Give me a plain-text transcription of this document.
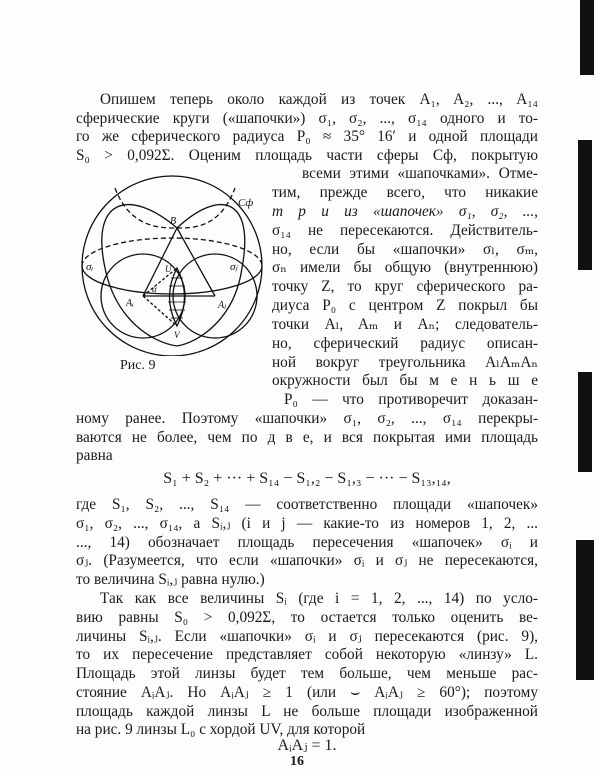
Опишем теперь около каждой из точек A₁, A₂, ..., A₁₄
сферические круги («шапочки») σ₁, σ₂, ..., σ₁₄ одного и то-
го же сферического радиуса P₀ ≈ 35° 16′ и одной площади
S₀ > 0,092Σ. Оценим площадь части сферы Сф, покрытую
всеми этими «шапочками». Отме-
тим, прежде всего, что никакие
т р и из «шапочек» σ₁, σ₂, ...,
σ₁₄ не пересекаются. Действитель-
но, если бы «шапочки» σₗ, σₘ,
σₙ имели бы общую (внутреннюю)
точку Z, то круг сферического ра-
диуса P₀ с центром Z покрыл бы
точки Aₗ, Aₘ и Aₙ; следователь-
но, сферический радиус описан-
ной вокруг треугольника AₗAₘAₙ
окружности был бы м е н ь ш е
P₀ — что противоречит доказан-
ному ранее. Поэтому «шапочки» σ₁, σ₂, ..., σ₁₄ перекры-
ваются не более, чем по д в е, и вся покрытая ими площадь
равна
S₁ + S₂ + ··· + S₁₄ − S₁,₂ − S₁,₃ − ··· − S₁₃,₁₄,
где S₁, S₂, ..., S₁₄ — соответственно площади «шапочек»
σ₁, σ₂, ..., σ₁₄, а Sᵢ,ⱼ (i и j — какие-то из номеров 1, 2, ...
..., 14) обозначает площадь пересечения «шапочек» σᵢ и
σⱼ. (Разумеется, что если «шапочки» σᵢ и σⱼ не пересекаются,
то величина Sᵢ,ⱼ равна нулю.)
Так как все величины Sᵢ (где i = 1, 2, ..., 14) по усло-
вию равны S₀ > 0,092Σ, то остается только оценить ве-
личины Sᵢ,ⱼ. Если «шапочки» σᵢ и σⱼ пересекаются (рис. 9),
то их пересечение представляет собой некоторую «линзу» L.
Площадь этой линзы будет тем больше, чем меньше рас-
стояние AᵢAⱼ. Но AᵢAⱼ ≥ 1 (или ⌣ AᵢAⱼ ≥ 60°); поэтому
площадь каждой линзы L не больше площади изображенной
на рис. 9 линзы L₀ с хордой UV, для которой
AᵢAⱼ = 1.
Сф
B
σᵢ	σⱼ
U
Aᵢ	Aⱼ
α
V
Рис. 9
16
